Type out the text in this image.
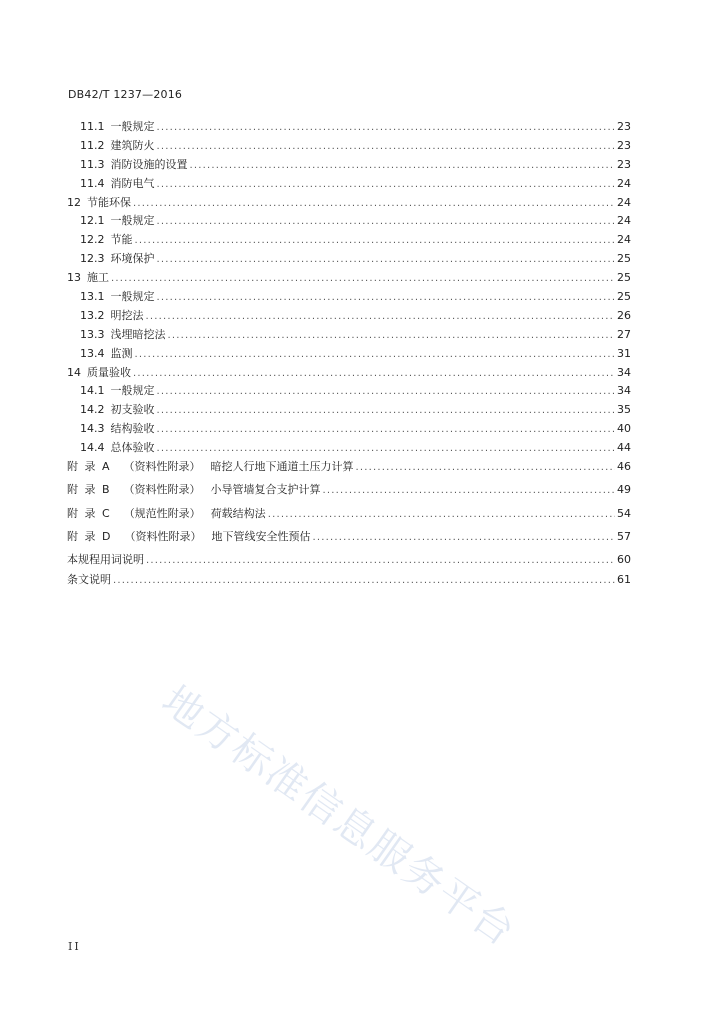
DB42/T 1237—2016
11.1 一般规定 .....	23
11.2 建筑防火 .....	23
11.3 消防设施的设置 .....	23
11.4 消防电气 .....	24
12 节能环保 .....	24
12.1 一般规定 .....	24
12.2 节能 .....	24
12.3 环境保护 .....	25
13 施工 .....	25
13.1 一般规定 .....	25
13.2 明挖法 .....	26
13.3 浅埋暗挖法 .....	27
13.4 监测 .....	31
14 质量验收 .....	34
14.1 一般规定 .....	34
14.2 初支验收 .....	35
14.3 结构验收 .....	40
14.4 总体验收 .....	44
附 录 A （资料性附录） 暗挖人行地下通道土压力计算 .....	46
附 录 B （资料性附录） 小导管墙复合支护计算 .....	49
附 录 C （规范性附录） 荷载结构法 .....	54
附 录 D （资料性附录） 地下管线安全性预估 .....	57
本规程用词说明 .....	60
条文说明 .....	61
地方标准信息服务平台
II
